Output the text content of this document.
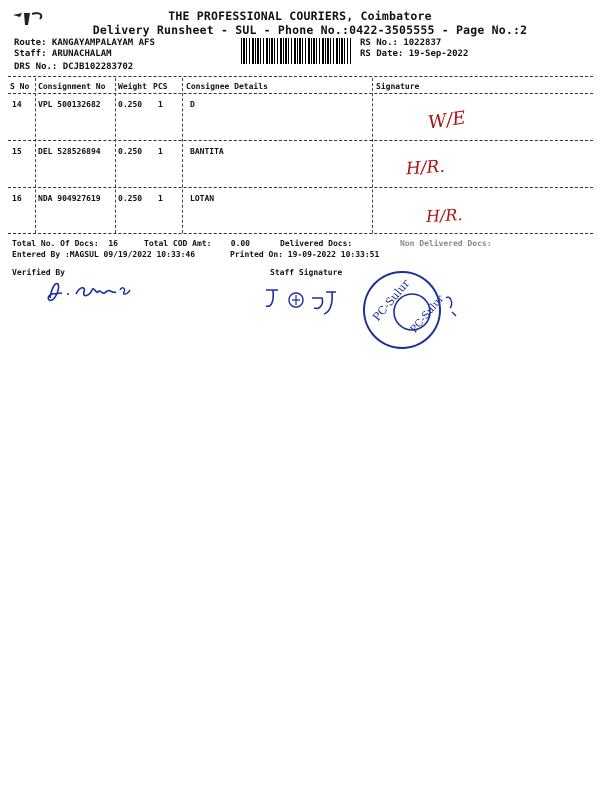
THE PROFESSIONAL COURIERS, Coimbatore
Delivery Runsheet - SUL - Phone No.:0422-3505555 - Page No.:2
Route: KANGAYAMPALAYAM AFS
Staff: ARUNACHALAM
DRS No.: DCJB102283702
RS No.: 1022837
RS Date: 19-Sep-2022
S No Consignment No Weight PCS Consignee Details	Signature
14 VPL 500132682 0.250 1	D
W/E
15 DEL 528526894 0.250 1	BANTITA
H/R.
16 NDA 904927619 0.250 1	LOTAN
H/R.
Total No. Of Docs:  16	Total COD Amt:    0.00	Delivered Docs:	Non Delivered Docs:
Entered By :MAGSUL 09/19/2022 10:33:46	Printed On: 19-09-2022 10:33:51
Verified By	Staff Signature
PC-Sulur
PC-Sulur
